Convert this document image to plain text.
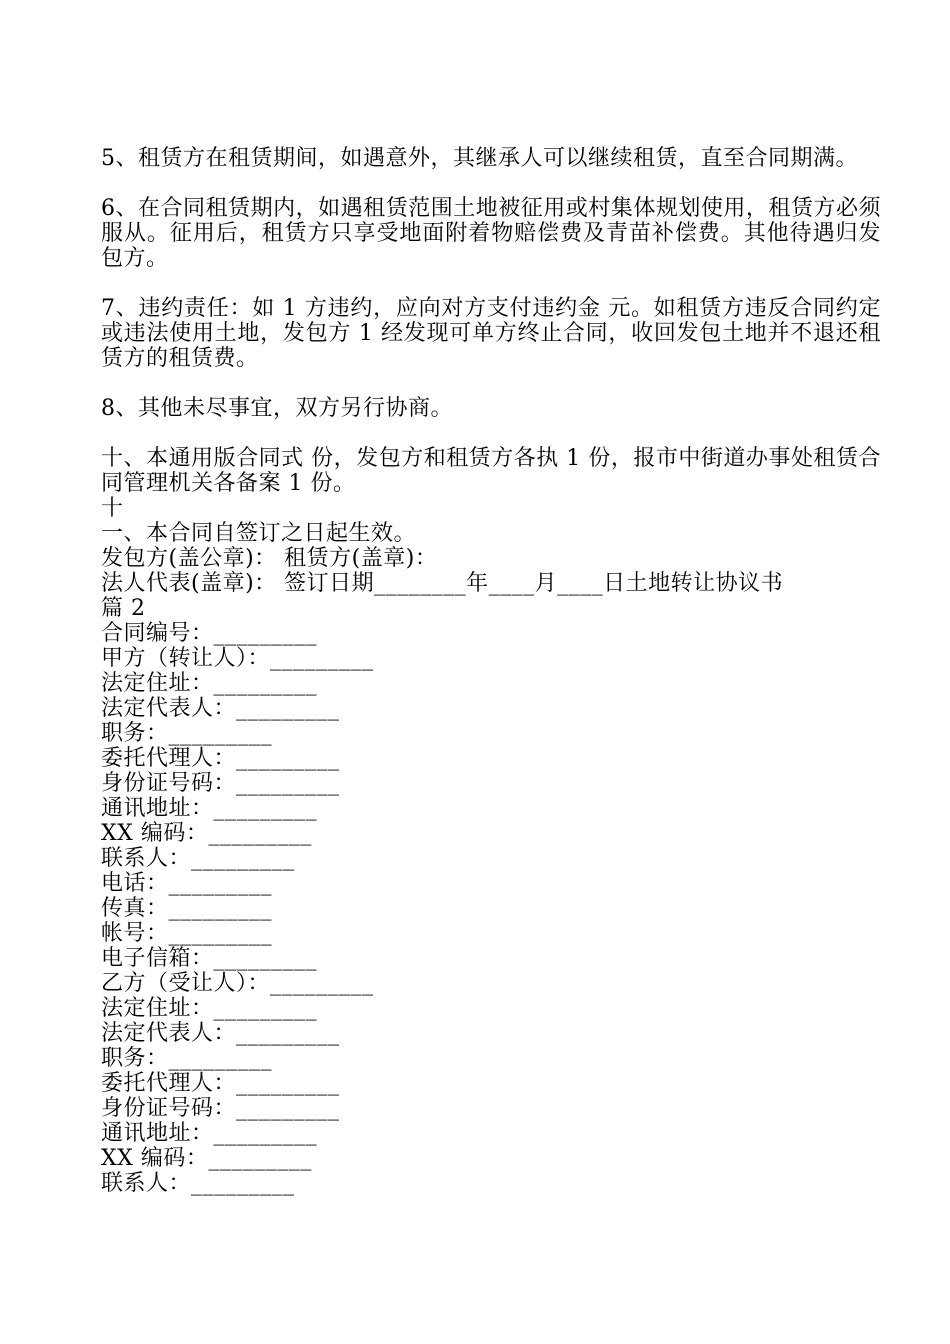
5、租赁方在租赁期间，如遇意外，其继承人可以继续租赁，直至合同期满。

6、在合同租赁期内，如遇租赁范围土地被征用或村集体规划使用，租赁方必须服从。征用后，租赁方只享受地面附着物赔偿费及青苗补偿费。其他待遇归发包方。

7、违约责任：如 1 方违约，应向对方支付违约金 元。如租赁方违反合同约定或违法使用土地，发包方 1 经发现可单方终止合同，收回发包土地并不退还租赁方的租赁费。

8、其他未尽事宜，双方另行协商。

十、本通用版合同式 份，发包方和租赁方各执 1 份，报市中街道办事处租赁合同管理机关各备案 1 份。

十

一、本合同自签订之日起生效。

发包方(盖公章)： 租赁方(盖章)：

法人代表(盖章)： 签订日期________年____月____日土地转让协议书

篇 2

合同编号：_________

甲方（转让人）：_________

法定住址：_________

法定代表人：_________

职务：_________

委托代理人：_________

身份证号码：_________

通讯地址：_________

XX 编码：_________

联系人：_________

电话：_________

传真：_________

帐号：_________

电子信箱：_________

乙方（受让人）：_________

法定住址：_________

法定代表人：_________

职务：_________

委托代理人：_________

身份证号码：_________

通讯地址：_________

XX 编码：_________

联系人：_________
